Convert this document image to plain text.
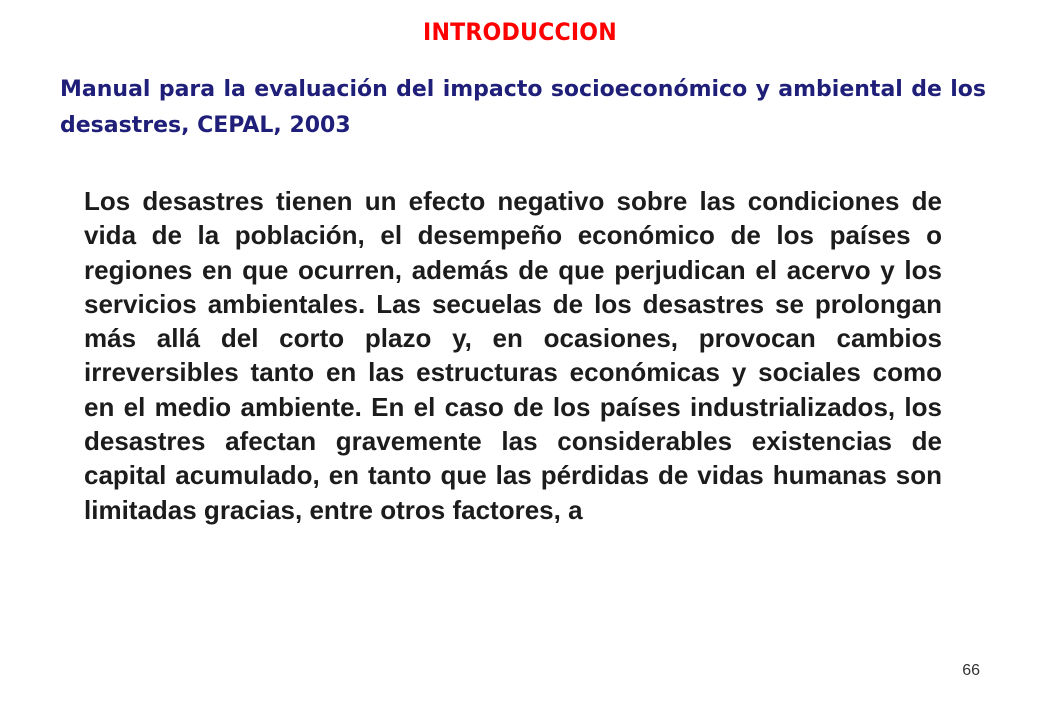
INTRODUCCION

Manual para la evaluación del impacto socioeconómico y ambiental de los desastres, CEPAL, 2003

Los desastres tienen un efecto negativo sobre las condiciones de vida de la población, el desempeño económico de los países o regiones en que ocurren, además de que perjudican el acervo y los servicios ambientales. Las secuelas de los desastres se prolongan más allá del corto plazo y, en ocasiones, provocan cambios irreversibles tanto en las estructuras económicas y sociales como en el medio ambiente. En el caso de los países industrializados, los desastres afectan gravemente las considerables existencias de capital acumulado, en tanto que las pérdidas de vidas humanas son limitadas gracias, entre otros factores, a

66
